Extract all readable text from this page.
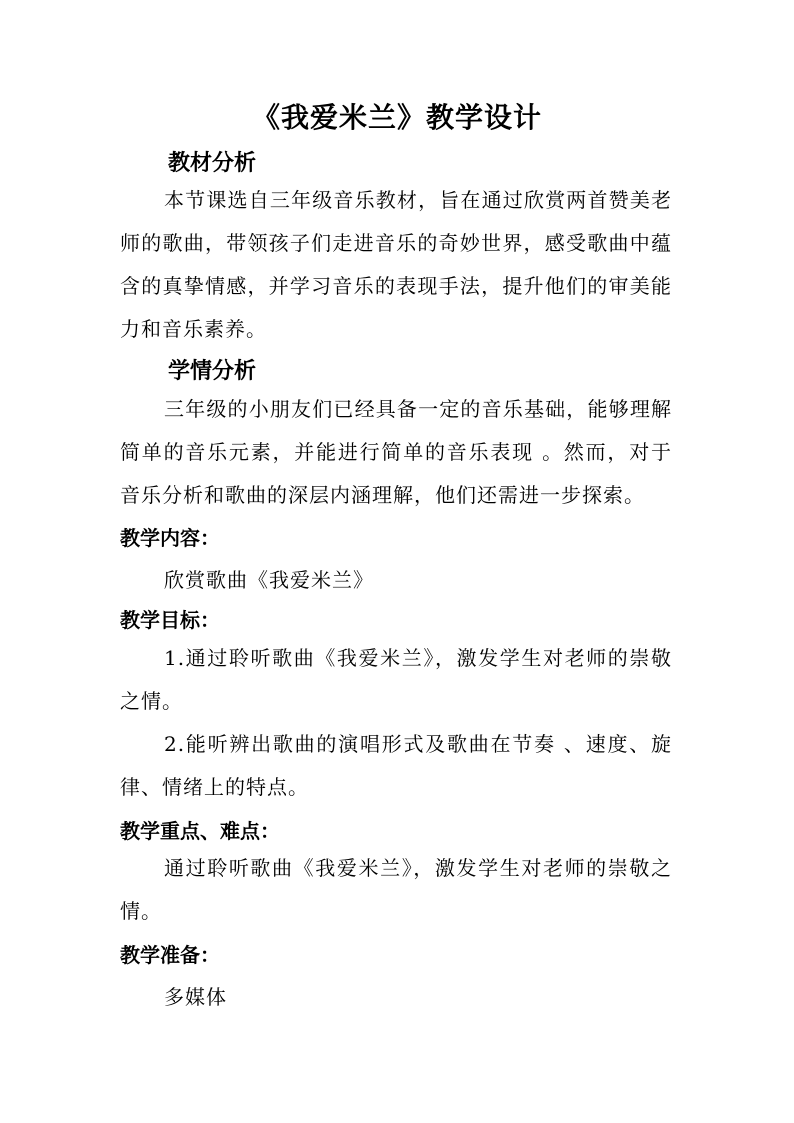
《我爱米兰》教学设计
教材分析
本节课选自三年级音乐教材，旨在通过欣赏两首赞美老师的歌曲，带领孩子们走进音乐的奇妙世界，感受歌曲中蕴含的真挚情感，并学习音乐的表现手法，提升他们的审美能力和音乐素养。
学情分析
三年级的小朋友们已经具备一定的音乐基础，能够理解简单的音乐元素，并能进行简单的音乐表现 。然而，对于音乐分析和歌曲的深层内涵理解，他们还需进一步探索。
教学内容：
欣赏歌曲《我爱米兰》
教学目标：
1.通过聆听歌曲《我爱米兰》，激发学生对老师的崇敬之情。
2.能听辨出歌曲的演唱形式及歌曲在节奏 、速度、旋律、情绪上的特点。
教学重点、难点：
通过聆听歌曲《我爱米兰》，激发学生对老师的崇敬之情。
教学准备：
多媒体
